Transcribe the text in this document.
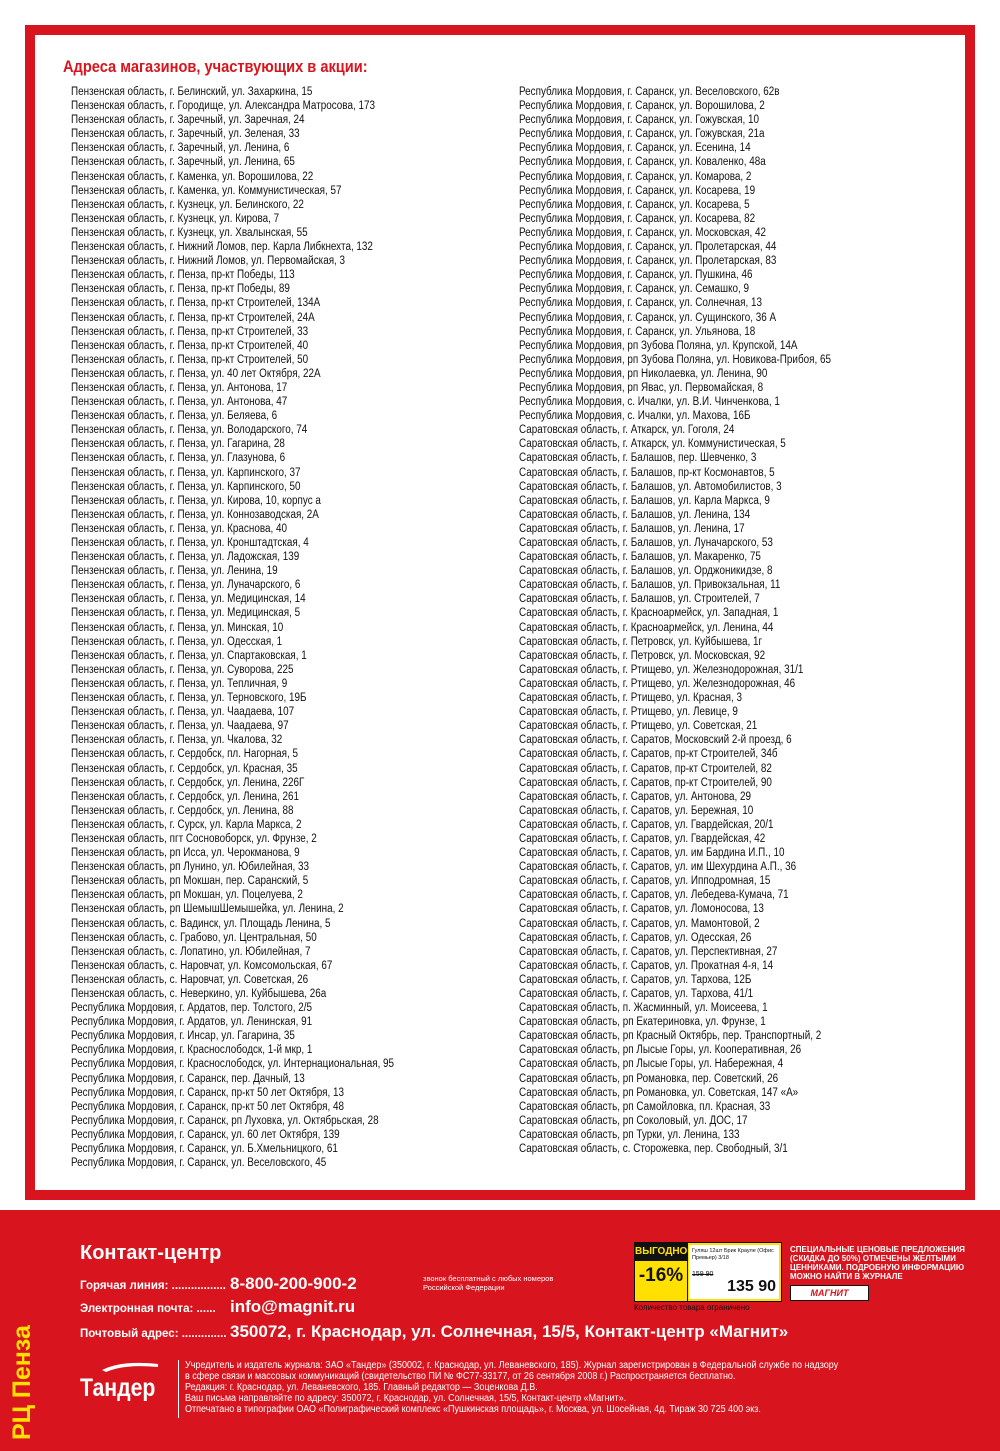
Адреса магазинов, участвующих в акции:
Пензенская область, г. Белинский, ул. Захаркина, 15
Пензенская область, г. Городище, ул. Александра Матросова, 173
Пензенская область, г. Заречный, ул. Заречная, 24
Пензенская область, г. Заречный, ул. Зеленая, 33
Пензенская область, г. Заречный, ул. Ленина, 6
Пензенская область, г. Заречный, ул. Ленина, 65
Пензенская область, г. Каменка, ул. Ворошилова, 22
Пензенская область, г. Каменка, ул. Коммунистическая, 57
Пензенская область, г. Кузнецк, ул. Белинского, 22
Пензенская область, г. Кузнецк, ул. Кирова, 7
Пензенская область, г. Кузнецк, ул. Хвалынская, 55
Пензенская область, г. Нижний Ломов, пер. Карла Либкнехта, 132
Пензенская область, г. Нижний Ломов, ул. Первомайская, 3
Пензенская область, г. Пенза, пр-кт Победы, 113
Пензенская область, г. Пенза, пр-кт Победы, 89
Пензенская область, г. Пенза, пр-кт Строителей, 134А
Пензенская область, г. Пенза, пр-кт Строителей, 24А
Пензенская область, г. Пенза, пр-кт Строителей, 33
Пензенская область, г. Пенза, пр-кт Строителей, 40
Пензенская область, г. Пенза, пр-кт Строителей, 50
Пензенская область, г. Пенза, ул. 40 лет Октября, 22А
Пензенская область, г. Пенза, ул. Антонова, 17
Пензенская область, г. Пенза, ул. Антонова, 47
Пензенская область, г. Пенза, ул. Беляева, 6
Пензенская область, г. Пенза, ул. Володарского, 74
Пензенская область, г. Пенза, ул. Гагарина, 28
Пензенская область, г. Пенза, ул. Глазунова, 6
Пензенская область, г. Пенза, ул. Карпинского, 37
Пензенская область, г. Пенза, ул. Карпинского, 50
Пензенская область, г. Пенза, ул. Кирова, 10, корпус а
Пензенская область, г. Пенза, ул. Коннозаводская, 2А
Пензенская область, г. Пенза, ул. Краснова, 40
Пензенская область, г. Пенза, ул. Кронштадтская, 4
Пензенская область, г. Пенза, ул. Ладожская, 139
Пензенская область, г. Пенза, ул. Ленина, 19
Пензенская область, г. Пенза, ул. Луначарского, 6
Пензенская область, г. Пенза, ул. Медицинская, 14
Пензенская область, г. Пенза, ул. Медицинская, 5
Пензенская область, г. Пенза, ул. Минская, 10
Пензенская область, г. Пенза, ул. Одесская, 1
Пензенская область, г. Пенза, ул. Спартаковская, 1
Пензенская область, г. Пенза, ул. Суворова, 225
Пензенская область, г. Пенза, ул. Тепличная, 9
Пензенская область, г. Пенза, ул. Терновского, 19Б
Пензенская область, г. Пенза, ул. Чаадаева, 107
Пензенская область, г. Пенза, ул. Чаадаева, 97
Пензенская область, г. Пенза, ул. Чкалова, 32
Пензенская область, г. Сердобск, пл. Нагорная, 5
Пензенская область, г. Сердобск, ул. Красная, 35
Пензенская область, г. Сердобск, ул. Ленина, 226Г
Пензенская область, г. Сердобск, ул. Ленина, 261
Пензенская область, г. Сердобск, ул. Ленина, 88
Пензенская область, г. Сурск, ул. Карла Маркса, 2
Пензенская область, пгт Сосновоборск, ул. Фрунзе, 2
Пензенская область, рп Исса, ул. Черокманова, 9
Пензенская область, рп Лунино, ул. Юбилейная, 33
Пензенская область, рп Мокшан, пер. Саранский, 5
Пензенская область, рп Мокшан, ул. Поцелуева, 2
Пензенская область, рп ШемышШемышейка, ул. Ленина, 2
Пензенская область, с. Вадинск, ул. Площадь Ленина, 5
Пензенская область, с. Грабово, ул. Центральная, 50
Пензенская область, с. Лопатино, ул. Юбилейная, 7
Пензенская область, с. Наровчат, ул. Комсомольская, 67
Пензенская область, с. Наровчат, ул. Советская, 26
Пензенская область, с. Неверкино, ул. Куйбышева, 26а
Республика Мордовия, г. Ардатов, пер. Толстого, 2/5
Республика Мордовия, г. Ардатов, ул. Ленинская, 91
Республика Мордовия, г. Инсар, ул. Гагарина, 35
Республика Мордовия, г. Краснослободск, 1-й мкр, 1
Республика Мордовия, г. Краснослободск, ул. Интернациональная, 95
Республика Мордовия, г. Саранск, пер. Дачный, 13
Республика Мордовия, г. Саранск, пр-кт 50 лет Октября, 13
Республика Мордовия, г. Саранск, пр-кт 50 лет Октября, 48
Республика Мордовия, г. Саранск, рп Луховка, ул. Октябрьская, 28
Республика Мордовия, г. Саранск, ул. 60 лет Октября, 139
Республика Мордовия, г. Саранск, ул. Б.Хмельницкого, 61
Республика Мордовия, г. Саранск, ул. Веселовского, 45
Республика Мордовия, г. Саранск, ул. Веселовского, 62в
Республика Мордовия, г. Саранск, ул. Ворошилова, 2
Республика Мордовия, г. Саранск, ул. Гожувская, 10
Республика Мордовия, г. Саранск, ул. Гожувская, 21а
Республика Мордовия, г. Саранск, ул. Есенина, 14
Республика Мордовия, г. Саранск, ул. Коваленко, 48а
Республика Мордовия, г. Саранск, ул. Комарова, 2
Республика Мордовия, г. Саранск, ул. Косарева, 19
Республика Мордовия, г. Саранск, ул. Косарева, 5
Республика Мордовия, г. Саранск, ул. Косарева, 82
Республика Мордовия, г. Саранск, ул. Московская, 42
Республика Мордовия, г. Саранск, ул. Пролетарская, 44
Республика Мордовия, г. Саранск, ул. Пролетарская, 83
Республика Мордовия, г. Саранск, ул. Пушкина, 46
Республика Мордовия, г. Саранск, ул. Семашко, 9
Республика Мордовия, г. Саранск, ул. Солнечная, 13
Республика Мордовия, г. Саранск, ул. Сущинского, 36 А
Республика Мордовия, г. Саранск, ул. Ульянова, 18
Республика Мордовия, рп Зубова Поляна, ул. Крупской, 14А
Республика Мордовия, рп Зубова Поляна, ул. Новикова-Прибоя, 65
Республика Мордовия, рп Николаевка, ул. Ленина, 90
Республика Мордовия, рп Явас, ул. Первомайская, 8
Республика Мордовия, с. Ичалки, ул. В.И. Чинченкова, 1
Республика Мордовия, с. Ичалки, ул. Махова, 16Б
Саратовская область, г. Аткарск, ул. Гоголя, 24
Саратовская область, г. Аткарск, ул. Коммунистическая, 5
Саратовская область, г. Балашов, пер. Шевченко, 3
Саратовская область, г. Балашов, пр-кт Космонавтов, 5
Саратовская область, г. Балашов, ул. Автомобилистов, 3
Саратовская область, г. Балашов, ул. Карла Маркса, 9
Саратовская область, г. Балашов, ул. Ленина, 134
Саратовская область, г. Балашов, ул. Ленина, 17
Саратовская область, г. Балашов, ул. Луначарского, 53
Саратовская область, г. Балашов, ул. Макаренко, 75
Саратовская область, г. Балашов, ул. Орджоникидзе, 8
Саратовская область, г. Балашов, ул. Привокзальная, 11
Саратовская область, г. Балашов, ул. Строителей, 7
Саратовская область, г. Красноармейск, ул. Западная, 1
Саратовская область, г. Красноармейск, ул. Ленина, 44
Саратовская область, г. Петровск, ул. Куйбышева, 1г
Саратовская область, г. Петровск, ул. Московская, 92
Саратовская область, г. Ртищево, ул. Железнодорожная, 31/1
Саратовская область, г. Ртищево, ул. Железнодорожная, 46
Саратовская область, г. Ртищево, ул. Красная, 3
Саратовская область, г. Ртищево, ул. Левице, 9
Саратовская область, г. Ртищево, ул. Советская, 21
Саратовская область, г. Саратов, Московский 2-й проезд, 6
Саратовская область, г. Саратов, пр-кт Строителей, 34б
Саратовская область, г. Саратов, пр-кт Строителей, 82
Саратовская область, г. Саратов, пр-кт Строителей, 90
Саратовская область, г. Саратов, ул. Антонова, 29
Саратовская область, г. Саратов, ул. Бережная, 10
Саратовская область, г. Саратов, ул. Гвардейская, 20/1
Саратовская область, г. Саратов, ул. Гвардейская, 42
Саратовская область, г. Саратов, ул. им Бардина И.П., 10
Саратовская область, г. Саратов, ул. им Шехурдина А.П., 36
Саратовская область, г. Саратов, ул. Ипподромная, 15
Саратовская область, г. Саратов, ул. Лебедева-Кумача, 71
Саратовская область, г. Саратов, ул. Ломоносова, 13
Саратовская область, г. Саратов, ул. Мамонтовой, 2
Саратовская область, г. Саратов, ул. Одесская, 26
Саратовская область, г. Саратов, ул. Перспективная, 27
Саратовская область, г. Саратов, ул. Прокатная 4-я, 14
Саратовская область, г. Саратов, ул. Тархова, 12Б
Саратовская область, г. Саратов, ул. Тархова, 41/1
Саратовская область, п. Жасминный, ул. Моисеева, 1
Саратовская область, рп Екатериновка, ул. Фрунзе, 1
Саратовская область, рп Красный Октябрь, пер. Транспортный, 2
Саратовская область, рп Лысые Горы, ул. Кооперативная, 26
Саратовская область, рп Лысые Горы, ул. Набережная, 4
Саратовская область, рп Романовка, пер. Советский, 26
Саратовская область, рп Романовка, ул. Советская, 147 «А»
Саратовская область, рп Самойловка, пл. Красная, 33
Саратовская область, рп Соколовый, ул. ДОС, 17
Саратовская область, рп Турки, ул. Ленина, 133
Саратовская область, с. Сторожевка, пер. Свободный, 3/1
Контакт-центр
Горячая линия: ................. 8-800-200-900-2	звонок бесплатный с любых номеров Российской Федерации
Электронная почта: ...... info@magnit.ru
Почтовый адрес: .............. 350072, г. Краснодар, ул. Солнечная, 15/5, Контакт-центр «Магнит»
ВЫГОДНО
-16%
Гуляш 12шт Брик Крауле (Офис Премьер) 3/18
159 90
135 90
Количество товара ограничено

СПЕЦИАЛЬНЫЕ ЦЕНОВЫЕ ПРЕДЛОЖЕНИЯ (СКИДКА ДО 50%) ОТМЕЧЕНЫ ЖЕЛТЫМИ ЦЕННИКАМИ. ПОДРОБНУЮ ИНФОРМАЦИЮ МОЖНО НАЙТИ В ЖУРНАЛЕ

МАГНИТ
Тандер
Учредитель и издатель журнала: ЗАО «Тандер» (350002, г. Краснодар, ул. Леваневского, 185). Журнал зарегистрирован в Федеральной службе по надзору
в сфере связи и массовых коммуникаций (свидетельство ПИ № ФС77-33177, от 26 сентября 2008 г.) Распространяется бесплатно.
Редакция: г. Краснодар, ул. Леваневского, 185. Главный редактор — Зоценкова Д.В.
Ваш письма направляйте по адресу: 350072, г. Краснодар, ул. Солнечная, 15/5, Контакт-центр «Магнит».
Отпечатано в типографии ОАО «Полиграфический комплекс «Пушкинская площадь», г. Москва, ул. Шосейная, 4д. Тираж 30 725 400 экз.
РЦ Пенза
